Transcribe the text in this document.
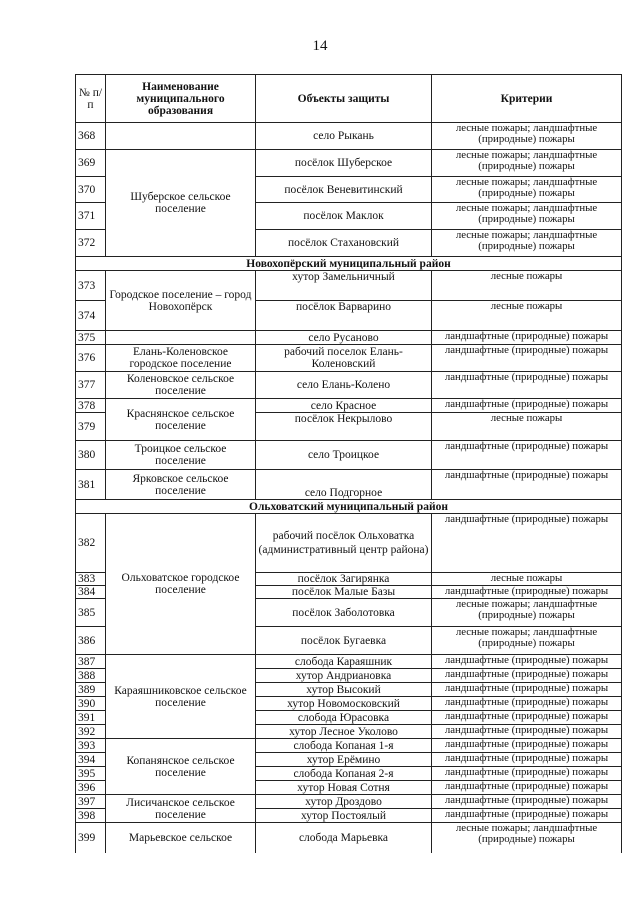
14
№ п/ п	Наименование муниципального образования	Объекты защиты	Критерии
368		село Рыкань	лесные пожары; ландшафтные (природные) пожары
369	Шуберское сельское поселение	посёлок Шуберское	лесные пожары; ландшафтные (природные) пожары
370		посёлок Веневитинский	лесные пожары; ландшафтные (природные) пожары
371		посёлок Маклок	лесные пожары; ландшафтные (природные) пожары
372		посёлок Стахановский	лесные пожары; ландшафтные (природные) пожары
Новохопёрский муниципальный район			
373	Городское поселение – город Новохопёрск	хутор Замельничный	лесные пожары
374		посёлок Варварино	лесные пожары
375		село Русаново	ландшафтные (природные) пожары
376	Елань-Коленовское городское поселение	рабочий поселок Елань-Коленовский	ландшафтные (природные) пожары
377	Коленовское сельское поселение	село Елань-Колено	ландшафтные (природные) пожары
378	Краснянское сельское поселение	село Красное	ландшафтные (природные) пожары
379		посёлок Некрылово	лесные пожары
380	Троицкое сельское поселение	село Троицкое	ландшафтные (природные) пожары
381	Ярковское сельское поселение	село Подгорное	ландшафтные (природные) пожары
Ольховатский муниципальный район			
382	Ольховатское городское поселение	рабочий посёлок Ольховатка (административный центр района)	ландшафтные (природные) пожары
383		посёлок Загирянка	лесные пожары
384		посёлок Малые Базы	ландшафтные (природные) пожары
385		посёлок Заболотовка	лесные пожары; ландшафтные (природные) пожары
386		посёлок Бугаевка	лесные пожары; ландшафтные (природные) пожары
387	Караяшниковское сельское поселение	слобода Караяшник	ландшафтные (природные) пожары
388		хутор Андриановка	ландшафтные (природные) пожары
389		хутор Высокий	ландшафтные (природные) пожары
390		хутор Новомосковский	ландшафтные (природные) пожары
391		слобода Юрасовка	ландшафтные (природные) пожары
392		хутор Лесное Уколово	ландшафтные (природные) пожары
393	Копанянское сельское поселение	слобода Копаная 1-я	ландшафтные (природные) пожары
394		хутор Ерёмино	ландшафтные (природные) пожары
395		слобода Копаная 2-я	ландшафтные (природные) пожары
396		хутор Новая Сотня	ландшафтные (природные) пожары
397	Лисичанское сельское поселение	хутор Дроздово	ландшафтные (природные) пожары
398		хутор Постоялый	ландшафтные (природные) пожары
399	Марьевское сельское	слобода Марьевка	лесные пожары; ландшафтные (природные) пожары
